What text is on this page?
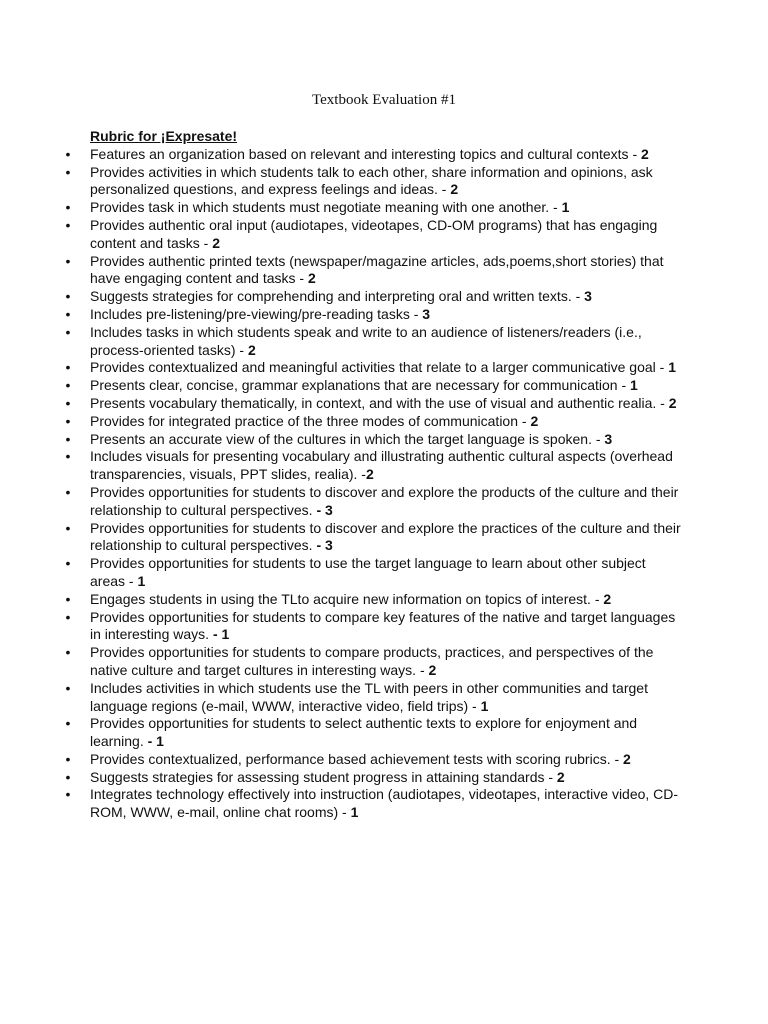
Textbook Evaluation #1
Rubric for ¡Expresate!
• Features an organization based on relevant and interesting topics and cultural contexts - 2
• Provides activities in which students talk to each other, share information and opinions, ask personalized questions, and express feelings and ideas. - 2
• Provides task in which students must negotiate meaning with one another. - 1
• Provides authentic oral input (audiotapes, videotapes, CD-OM programs) that has engaging content and tasks - 2
• Provides authentic printed texts (newspaper/magazine articles, ads,poems,short stories) that have engaging content and tasks - 2
• Suggests strategies for comprehending and interpreting oral and written texts. - 3
• Includes pre-listening/pre-viewing/pre-reading tasks - 3
• Includes tasks in which students speak and write to an audience of listeners/readers (i.e., process-oriented tasks) - 2
• Provides contextualized and meaningful activities that relate to a larger communicative goal - 1
• Presents clear, concise, grammar explanations that are necessary for communication - 1
• Presents vocabulary thematically, in context, and with the use of visual and authentic realia. - 2
• Provides for integrated practice of the three modes of communication - 2
• Presents an accurate view of the cultures in which the target language is spoken. - 3
• Includes visuals for presenting vocabulary and illustrating authentic cultural aspects (overhead transparencies, visuals, PPT slides, realia). -2
• Provides opportunities for students to discover and explore the products of the culture and their relationship to cultural perspectives. - 3
• Provides opportunities for students to discover and explore the practices of the culture and their relationship to cultural perspectives. - 3
• Provides opportunities for students to use the target language to learn about other subject areas - 1
• Engages students in using the TLto acquire new information on topics of interest. - 2
• Provides opportunities for students to compare key features of the native and target languages in interesting ways. - 1
• Provides opportunities for students to compare products, practices, and perspectives of the native culture and target cultures in interesting ways. - 2
• Includes activities in which students use the TL with peers in other communities and target language regions (e-mail, WWW, interactive video, field trips) - 1
• Provides opportunities for students to select authentic texts to explore for enjoyment and learning. - 1
• Provides contextualized, performance based achievement tests with scoring rubrics. - 2
• Suggests strategies for assessing student progress in attaining standards - 2
• Integrates technology effectively into instruction (audiotapes, videotapes, interactive video, CD-ROM, WWW, e-mail, online chat rooms) - 1
